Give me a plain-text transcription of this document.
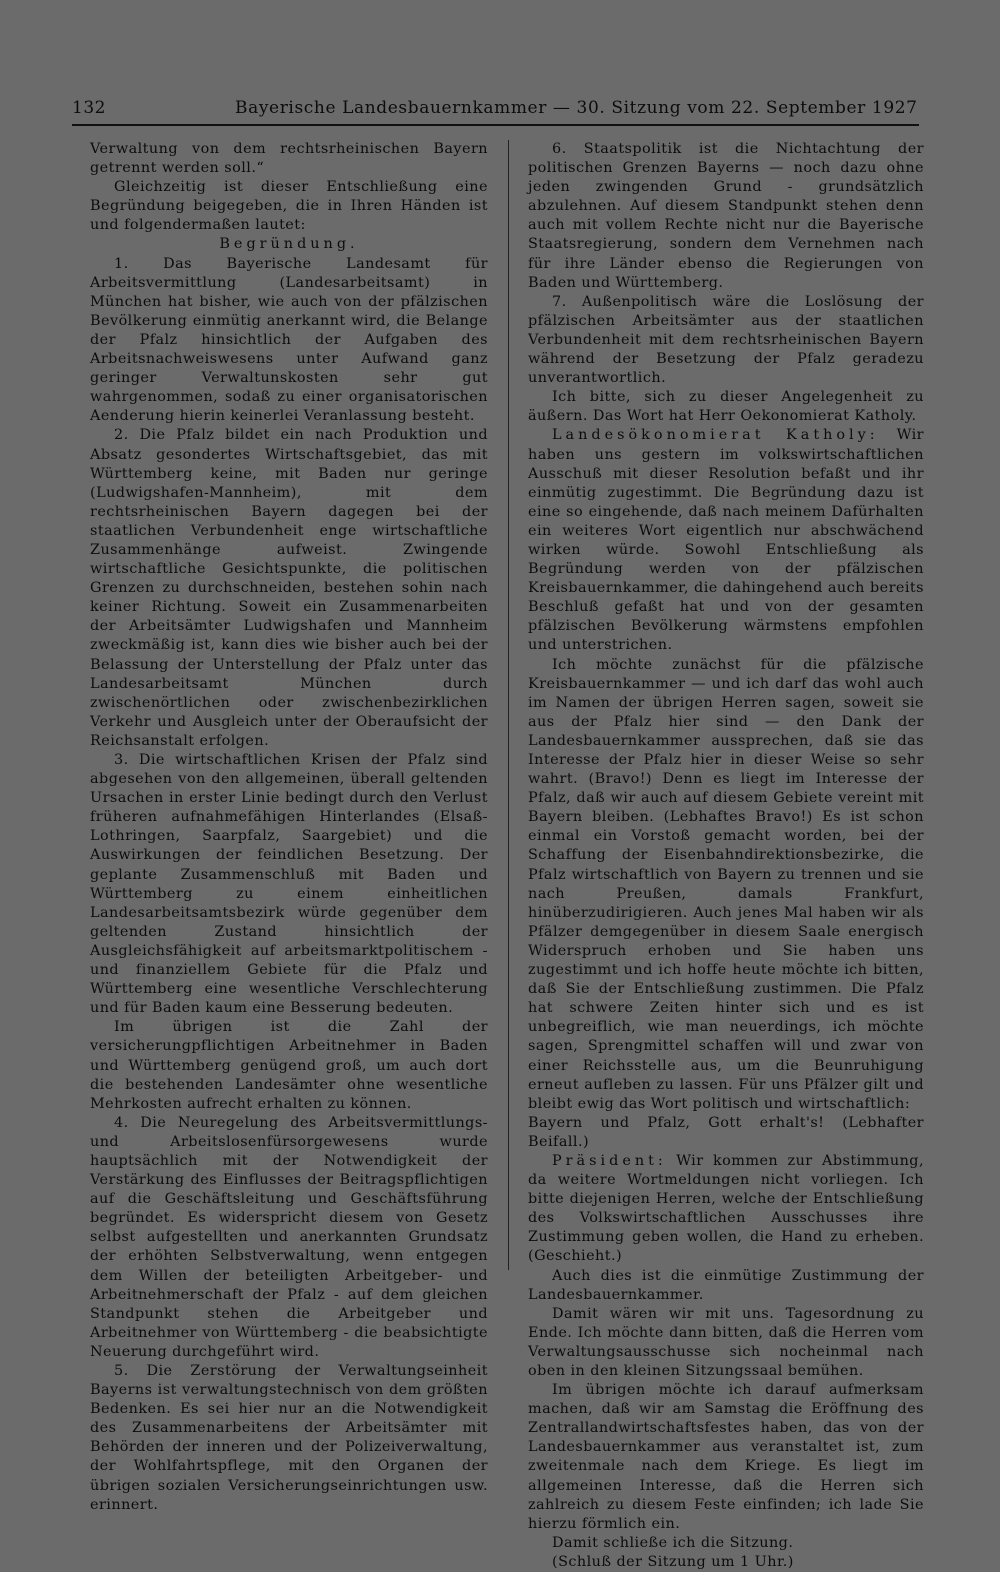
132	Bayerische Landesbauernkammer — 30. Sitzung vom 22. September 1927

Verwaltung von dem rechtsrheinischen Bayern getrennt werden soll.“

Gleichzeitig ist dieser Entschließung eine Begründung beigegeben, die in Ihren Händen ist und folgendermaßen lautet:

Begründung.

1. Das Bayerische Landesamt für Arbeitsvermittlung (Landesarbeitsamt) in München hat bisher, wie auch von der pfälzischen Bevölkerung einmütig anerkannt wird, die Belange der Pfalz hinsichtlich der Aufgaben des Arbeitsnachweiswesens unter Aufwand ganz geringer Verwaltunskosten sehr gut wahrgenommen, sodaß zu einer organisatorischen Aenderung hierin keinerlei Veranlassung besteht.

2. Die Pfalz bildet ein nach Produktion und Absatz gesondertes Wirtschaftsgebiet, das mit Württemberg keine, mit Baden nur geringe (Ludwigshafen-Mannheim), mit dem rechtsrheinischen Bayern dagegen bei der staatlichen Verbundenheit enge wirtschaftliche Zusammenhänge aufweist. Zwingende wirtschaftliche Gesichtspunkte, die politischen Grenzen zu durchschneiden, bestehen sohin nach keiner Richtung. Soweit ein Zusammenarbeiten der Arbeitsämter Ludwigshafen und Mannheim zweckmäßig ist, kann dies wie bisher auch bei der Belassung der Unterstellung der Pfalz unter das Landesarbeitsamt München durch zwischenörtlichen oder zwischenbezirklichen Verkehr und Ausgleich unter der Oberaufsicht der Reichsanstalt erfolgen.

3. Die wirtschaftlichen Krisen der Pfalz sind abgesehen von den allgemeinen, überall geltenden Ursachen in erster Linie bedingt durch den Verlust früheren aufnahmefähigen Hinterlandes (Elsaß-Lothringen, Saarpfalz, Saargebiet) und die Auswirkungen der feindlichen Besetzung. Der geplante Zusammenschluß mit Baden und Württemberg zu einem einheitlichen Landesarbeitsamtsbezirk würde gegenüber dem geltenden Zustand hinsichtlich der Ausgleichsfähigkeit auf arbeitsmarktpolitischem - und finanziellem Gebiete für die Pfalz und Württemberg eine wesentliche Verschlechterung und für Baden kaum eine Besserung bedeuten.

Im übrigen ist die Zahl der versicherungpflichtigen Arbeitnehmer in Baden und Württemberg genügend groß, um auch dort die bestehenden Landesämter ohne wesentliche Mehrkosten aufrecht erhalten zu können.

4. Die Neuregelung des Arbeitsvermittlungs- und Arbeitslosenfürsorgewesens wurde hauptsächlich mit der Notwendigkeit der Verstärkung des Einflusses der Beitragspflichtigen auf die Geschäftsleitung und Geschäftsführung begründet. Es widerspricht diesem von Gesetz selbst aufgestellten und anerkannten Grundsatz der erhöhten Selbstverwaltung, wenn entgegen dem Willen der beteiligten Arbeitgeber- und Arbeitnehmerschaft der Pfalz - auf dem gleichen Standpunkt stehen die Arbeitgeber und Arbeitnehmer von Württemberg - die beabsichtigte Neuerung durchgeführt wird.

5. Die Zerstörung der Verwaltungseinheit Bayerns ist verwaltungstechnisch von dem größten Bedenken. Es sei hier nur an die Notwendigkeit des Zusammenarbeitens der Arbeitsämter mit Behörden der inneren und der Polizeiverwaltung, der Wohlfahrtspflege, mit den Organen der übrigen sozialen Versicherungseinrichtungen usw. erinnert.

6. Staatspolitik ist die Nichtachtung der politischen Grenzen Bayerns — noch dazu ohne jeden zwingenden Grund - grundsätzlich abzulehnen. Auf diesem Standpunkt stehen denn auch mit vollem Rechte nicht nur die Bayerische Staatsregierung, sondern dem Vernehmen nach für ihre Länder ebenso die Regierungen von Baden und Württemberg.

7. Außenpolitisch wäre die Loslösung der pfälzischen Arbeitsämter aus der staatlichen Verbundenheit mit dem rechtsrheinischen Bayern während der Besetzung der Pfalz geradezu unverantwortlich.

Ich bitte, sich zu dieser Angelegenheit zu äußern. Das Wort hat Herr Oekonomierat Katholy.

Landesökonomierat Katholy: Wir haben uns gestern im volkswirtschaftlichen Ausschuß mit dieser Resolution befaßt und ihr einmütig zugestimmt. Die Begründung dazu ist eine so eingehende, daß nach meinem Dafürhalten ein weiteres Wort eigentlich nur abschwächend wirken würde. Sowohl Entschließung als Begründung werden von der pfälzischen Kreisbauernkammer, die dahingehend auch bereits Beschluß gefaßt hat und von der gesamten pfälzischen Bevölkerung wärmstens empfohlen und unterstrichen.

Ich möchte zunächst für die pfälzische Kreisbauernkammer — und ich darf das wohl auch im Namen der übrigen Herren sagen, soweit sie aus der Pfalz hier sind — den Dank der Landesbauernkammer aussprechen, daß sie das Interesse der Pfalz hier in dieser Weise so sehr wahrt. (Bravo!) Denn es liegt im Interesse der Pfalz, daß wir auch auf diesem Gebiete vereint mit Bayern bleiben. (Lebhaftes Bravo!) Es ist schon einmal ein Vorstoß gemacht worden, bei der Schaffung der Eisenbahndirektionsbezirke, die Pfalz wirtschaftlich von Bayern zu trennen und sie nach Preußen, damals Frankfurt, hinüberzudirigieren. Auch jenes Mal haben wir als Pfälzer demgegenüber in diesem Saale energisch Widerspruch erhoben und Sie haben uns zugestimmt und ich hoffe heute möchte ich bitten, daß Sie der Entschließung zustimmen. Die Pfalz hat schwere Zeiten hinter sich und es ist unbegreiflich, wie man neuerdings, ich möchte sagen, Sprengmittel schaffen will und zwar von einer Reichsstelle aus, um die Beunruhigung erneut aufleben zu lassen. Für uns Pfälzer gilt und bleibt ewig das Wort politisch und wirtschaftlich:

Bayern und Pfalz, Gott erhalt's! (Lebhafter Beifall.)

Präsident: Wir kommen zur Abstimmung, da weitere Wortmeldungen nicht vorliegen. Ich bitte diejenigen Herren, welche der Entschließung des Volkswirtschaftlichen Ausschusses ihre Zustimmung geben wollen, die Hand zu erheben. (Geschieht.)

Auch dies ist die einmütige Zustimmung der Landesbauernkammer.

Damit wären wir mit uns. Tagesordnung zu Ende. Ich möchte dann bitten, daß die Herren vom Verwaltungsausschusse sich nocheinmal nach oben in den kleinen Sitzungssaal bemühen.

Im übrigen möchte ich darauf aufmerksam machen, daß wir am Samstag die Eröffnung des Zentrallandwirtschaftsfestes haben, das von der Landesbauernkammer aus veranstaltet ist, zum zweitenmale nach dem Kriege. Es liegt im allgemeinen Interesse, daß die Herren sich zahlreich zu diesem Feste einfinden; ich lade Sie hierzu förmlich ein.

Damit schließe ich die Sitzung.

(Schluß der Sitzung um 1 Uhr.)
